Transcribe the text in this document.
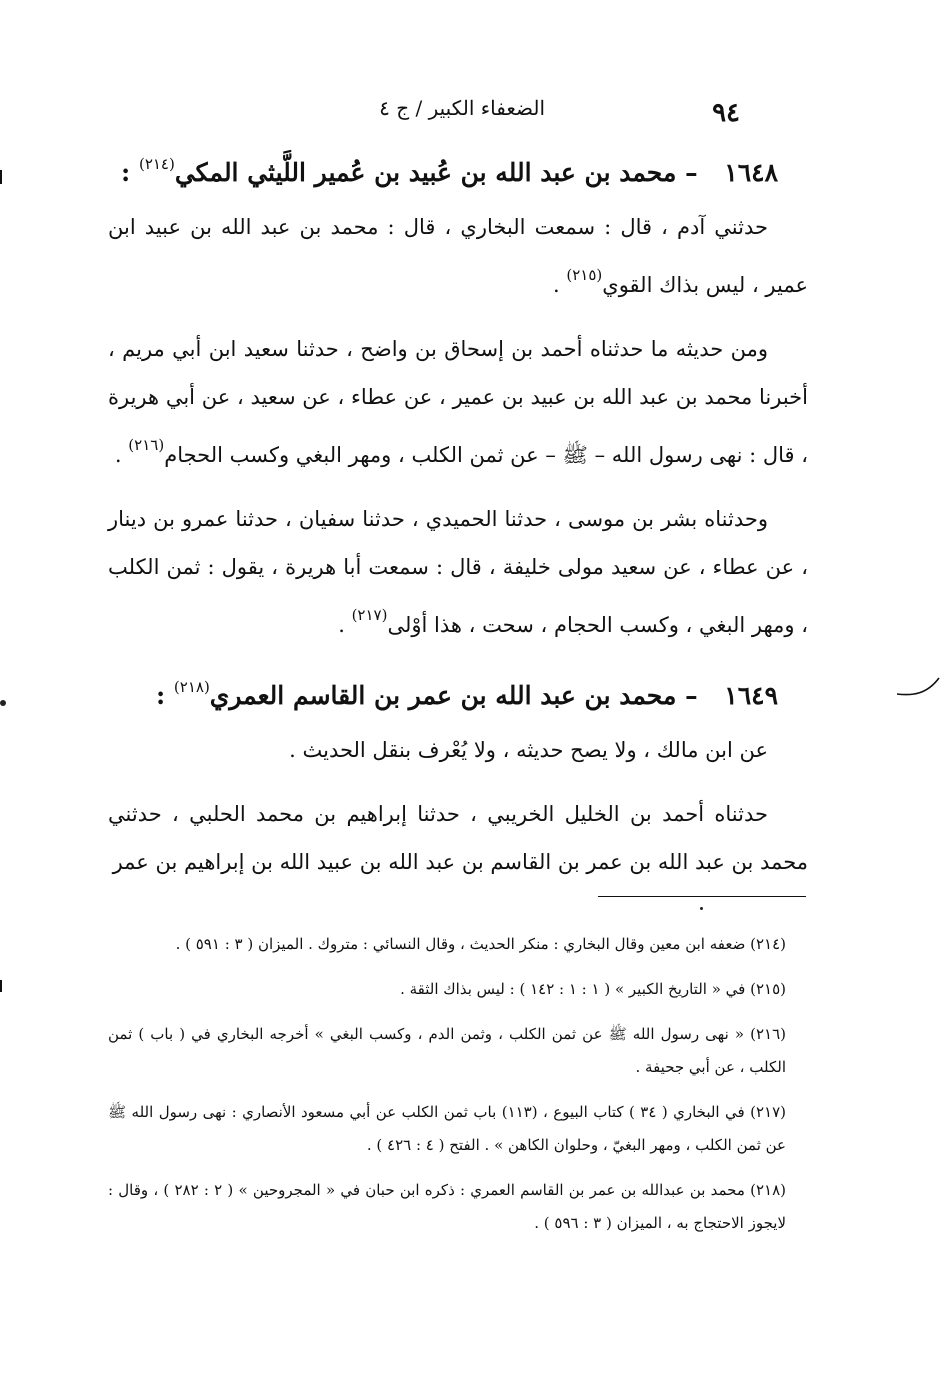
٩٤
الضعفاء الكبير / ج ٤
١٦٤٨ – محمد بن عبد الله بن عُبيد بن عُمير اللَّيثي المكي$^{(٢١٤)}$ :

حدثني آدم ، قال : سمعت البخاري ، قال : محمد بن عبد الله بن عبيد ابن عمير ، ليس بذاك القوي$^{(٢١٥)}$ .

ومن حديثه ما حدثناه أحمد بن إسحاق بن واضح ، حدثنا سعيد ابن أبي مريم ، أخبرنا محمد بن عبد الله بن عبيد بن عمير ، عن عطاء ، عن سعيد ، عن أبي هريرة ، قال : نهى رسول الله – ﷺ – عن ثمن الكلب ، ومهر البغي وكسب الحجام$^{(٢١٦)}$ .

وحدثناه بشر بن موسى ، حدثنا الحميدي ، حدثنا سفيان ، حدثنا عمرو بن دينار ، عن عطاء ، عن سعيد مولى خليفة ، قال : سمعت أبا هريرة ، يقول : ثمن الكلب ، ومهر البغي ، وكسب الحجام ، سحت ، هذا أوْلى$^{(٢١٧)}$ .

١٦٤٩ – محمد بن عبد الله بن عمر بن القاسم العمري$^{(٢١٨)}$ :

عن ابن مالك ، ولا يصح حديثه ، ولا يُعْرف بنقل الحديث .

حدثناه أحمد بن الخليل الخريبي ، حدثنا إبراهيم بن محمد الحلبي ، حدثني محمد بن عبد الله بن عمر بن القاسم بن عبد الله بن عبيد الله بن إبراهيم بن عمر

(٢١٤) ضعفه ابن معين وقال البخاري : منكر الحديث ، وقال النسائي : متروك . الميزان ( ٣ : ٥٩١ ) .

(٢١٥) في « التاريخ الكبير » ( ١ : ١ : ١٤٢ ) : ليس بذاك الثقة .

(٢١٦) « نهى رسول الله ﷺ عن ثمن الكلب ، وثمن الدم ، وكسب البغي » أخرجه البخاري في ( باب ) ثمن الكلب ، عن أبي جحيفة .

(٢١٧) في البخاري ( ٣٤ ) كتاب البيوع ، (١١٣) باب ثمن الكلب عن أبي مسعود الأنصاري : نهى رسول الله ﷺ عن ثمن الكلب ، ومهر البغيّ ، وحلوان الكاهن » . الفتح ( ٤ : ٤٢٦ ) .

(٢١٨) محمد بن عبدالله بن عمر بن القاسم العمري : ذكره ابن حبان في « المجروحين » ( ٢ : ٢٨٢ ) ، وقال : لايجوز الاحتجاج به ، الميزان ( ٣ : ٥٩٦ ) .
